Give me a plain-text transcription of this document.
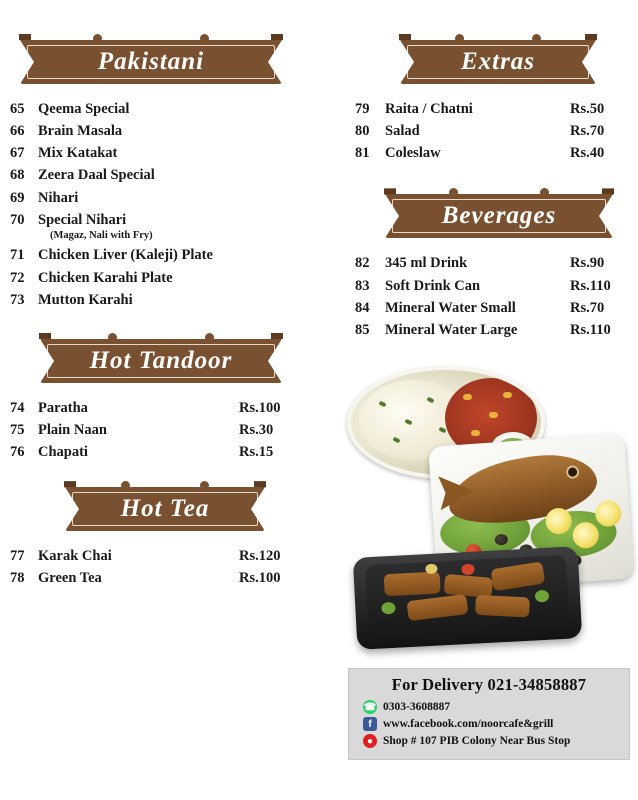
Pakistani
65 Qeema Special
66 Brain Masala
67 Mix Katakat
68 Zeera Daal Special
69 Nihari
70 Special Nihari
(Magaz, Nali with Fry)
71 Chicken Liver (Kaleji) Plate
72 Chicken Karahi Plate
73 Mutton Karahi
Hot Tandoor
74 Paratha	Rs.100
75 Plain Naan	Rs.30
76 Chapati	Rs.15
Hot Tea
77 Karak Chai	Rs.120
78 Green Tea	Rs.100
Extras
79	Raita / Chatni	Rs.50
80	Salad	Rs.70
81	Coleslaw	Rs.40
Beverages
82	345 ml Drink	Rs.90
83	Soft Drink Can	Rs.110
84	Mineral Water Small	Rs.70
85	Mineral Water Large	Rs.110
For Delivery 021-34858887
☎ 0303-3608887
f www.facebook.com/noorcafe&grill
● Shop # 107 PIB Colony Near Bus Stop
